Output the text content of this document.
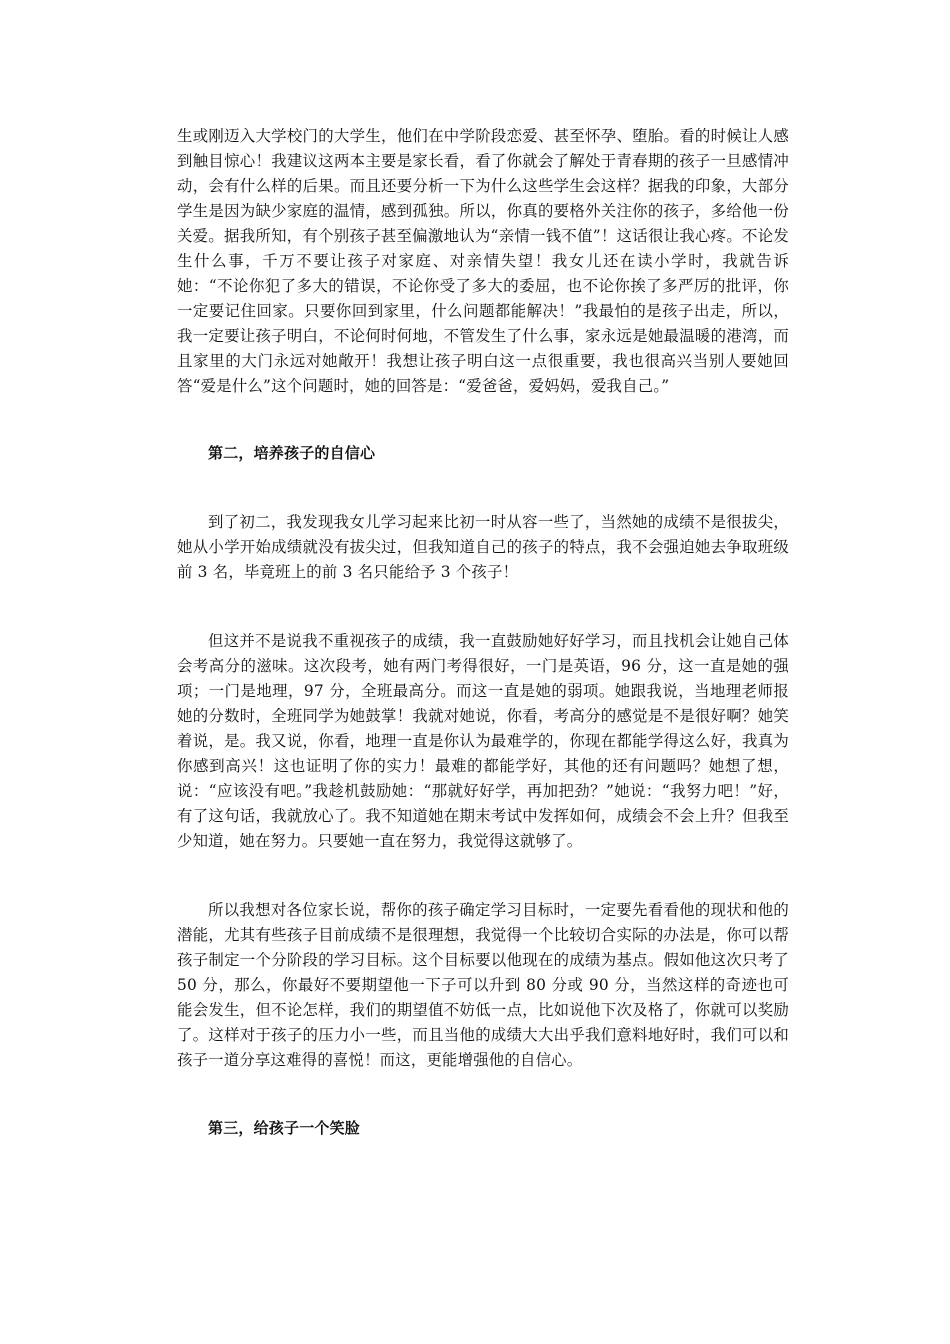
生或刚迈入大学校门的大学生，他们在中学阶段恋爱、甚至怀孕、堕胎。看的时候让人感到触目惊心！我建议这两本主要是家长看，看了你就会了解处于青春期的孩子一旦感情冲动，会有什么样的后果。而且还要分析一下为什么这些学生会这样？据我的印象，大部分学生是因为缺少家庭的温情，感到孤独。所以，你真的要格外关注你的孩子，多给他一份关爱。据我所知，有个别孩子甚至偏激地认为“亲情一钱不值”！这话很让我心疼。不论发生什么事，千万不要让孩子对家庭、对亲情失望！我女儿还在读小学时，我就告诉她：“不论你犯了多大的错误，不论你受了多大的委屈，也不论你挨了多严厉的批评，你一定要记住回家。只要你回到家里，什么问题都能解决！”我最怕的是孩子出走，所以，我一定要让孩子明白，不论何时何地，不管发生了什么事，家永远是她最温暖的港湾，而且家里的大门永远对她敞开！我想让孩子明白这一点很重要，我也很高兴当别人要她回答“爱是什么”这个问题时，她的回答是：“爱爸爸，爱妈妈，爱我自己。”

第二，培养孩子的自信心

到了初二，我发现我女儿学习起来比初一时从容一些了，当然她的成绩不是很拔尖，她从小学开始成绩就没有拔尖过，但我知道自己的孩子的特点，我不会强迫她去争取班级前 3 名，毕竟班上的前 3 名只能给予 3 个孩子！

但这并不是说我不重视孩子的成绩，我一直鼓励她好好学习，而且找机会让她自己体会考高分的滋味。这次段考，她有两门考得很好，一门是英语，96 分，这一直是她的强项；一门是地理，97 分，全班最高分。而这一直是她的弱项。她跟我说，当地理老师报她的分数时，全班同学为她鼓掌！我就对她说，你看，考高分的感觉是不是很好啊？她笑着说，是。我又说，你看，地理一直是你认为最难学的，你现在都能学得这么好，我真为你感到高兴！这也证明了你的实力！最难的都能学好，其他的还有问题吗？她想了想，说：“应该没有吧。”我趁机鼓励她：“那就好好学，再加把劲？”她说：“我努力吧！”好，有了这句话，我就放心了。我不知道她在期末考试中发挥如何，成绩会不会上升？但我至少知道，她在努力。只要她一直在努力，我觉得这就够了。

所以我想对各位家长说，帮你的孩子确定学习目标时，一定要先看看他的现状和他的潜能，尤其有些孩子目前成绩不是很理想，我觉得一个比较切合实际的办法是，你可以帮孩子制定一个分阶段的学习目标。这个目标要以他现在的成绩为基点。假如他这次只考了 50 分，那么，你最好不要期望他一下子可以升到 80 分或 90 分，当然这样的奇迹也可能会发生，但不论怎样，我们的期望值不妨低一点，比如说他下次及格了，你就可以奖励了。这样对于孩子的压力小一些，而且当他的成绩大大出乎我们意料地好时，我们可以和孩子一道分享这难得的喜悦！而这，更能增强他的自信心。

第三，给孩子一个笑脸
